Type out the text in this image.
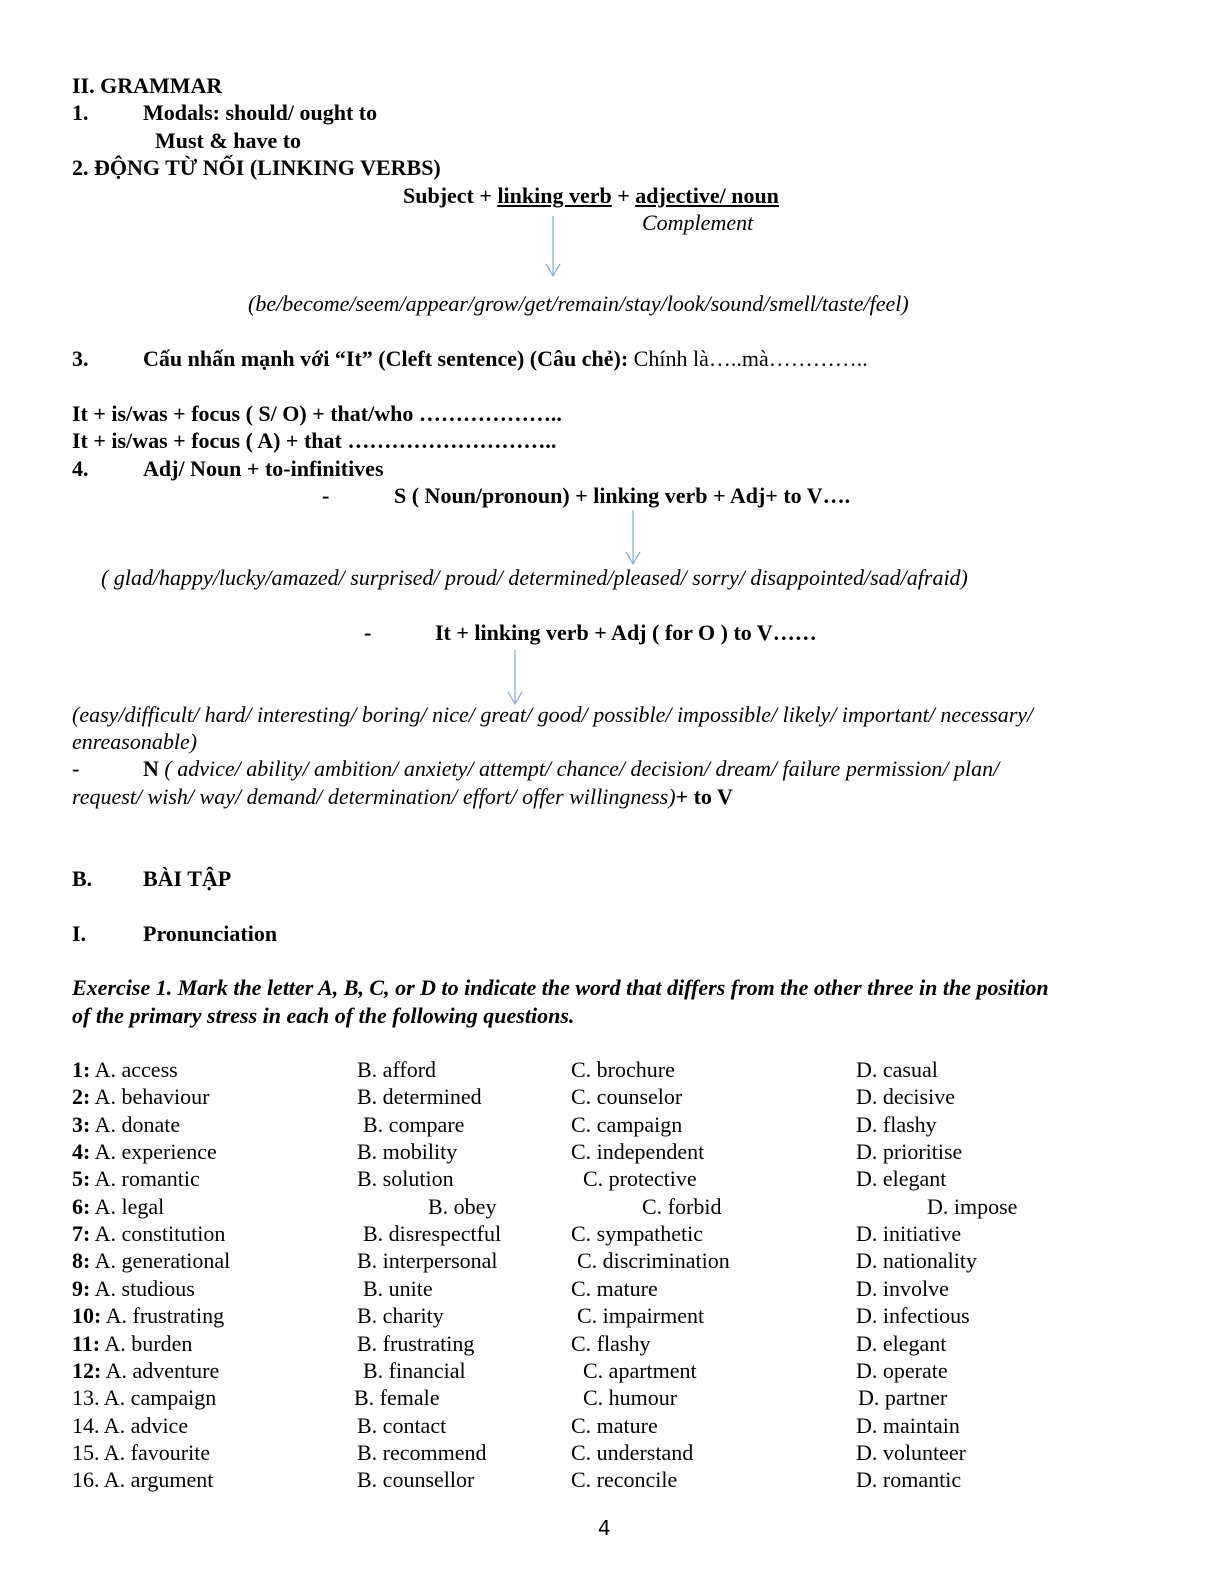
II. GRAMMAR
1. Modals: should/ ought to
Must & have to
2. ĐỘNG TỪ NỐI (LINKING VERBS)
Subject + linking verb + adjective/ noun
Complement
(be/become/seem/appear/grow/get/remain/stay/look/sound/smell/taste/feel)
3. Cấu nhấn mạnh với “It” (Cleft sentence) (Câu chẻ): Chính là…..mà…………..
It + is/was + focus ( S/ O) + that/who ………………..
It + is/was + focus ( A) + that ………………………..
4. Adj/ Noun + to-infinitives
-	S ( Noun/pronoun) + linking verb + Adj+ to V….
( glad/happy/lucky/amazed/ surprised/ proud/ determined/pleased/ sorry/ disappointed/sad/afraid)
-	It + linking verb + Adj ( for O ) to V……
(easy/difficult/ hard/ interesting/ boring/ nice/ great/ good/ possible/ impossible/ likely/ important/ necessary/
enreasonable)
-	N ( advice/ ability/ ambition/ anxiety/ attempt/ chance/ decision/ dream/ failure permission/ plan/
request/ wish/ way/ demand/ determination/ effort/ offer willingness)+ to V
B. BÀI TẬP
I.	Pronunciation
Exercise 1. Mark the letter A, B, C, or D to indicate the word that differs from the other three in the position
of the primary stress in each of the following questions.
1: A. access	B. afford	C. brochure	D. casual
2: A. behaviour	B. determined	C. counselor	D. decisive
3: A. donate	B. compare	C. campaign	D. flashy
4: A. experience	B. mobility	C. independent	D. prioritise
5: A. romantic	B. solution	C. protective	D. elegant
6: A. legal	B. obey	C. forbid	D. impose
7: A. constitution	B. disrespectful	C. sympathetic	D. initiative
8: A. generational	B. interpersonal	C. discrimination	D. nationality
9: A. studious	B. unite	C. mature	D. involve
10: A. frustrating	B. charity	C. impairment	D. infectious
11: A. burden	B. frustrating	C. flashy	D. elegant
12: A. adventure	B. financial	C. apartment	D. operate
13. A. campaign	B. female	C. humour	D. partner
14. A. advice	B. contact	C. mature	D. maintain
15. A. favourite	B. recommend	C. understand	D. volunteer
16. A. argument	B. counsellor	C. reconcile	D. romantic
4
